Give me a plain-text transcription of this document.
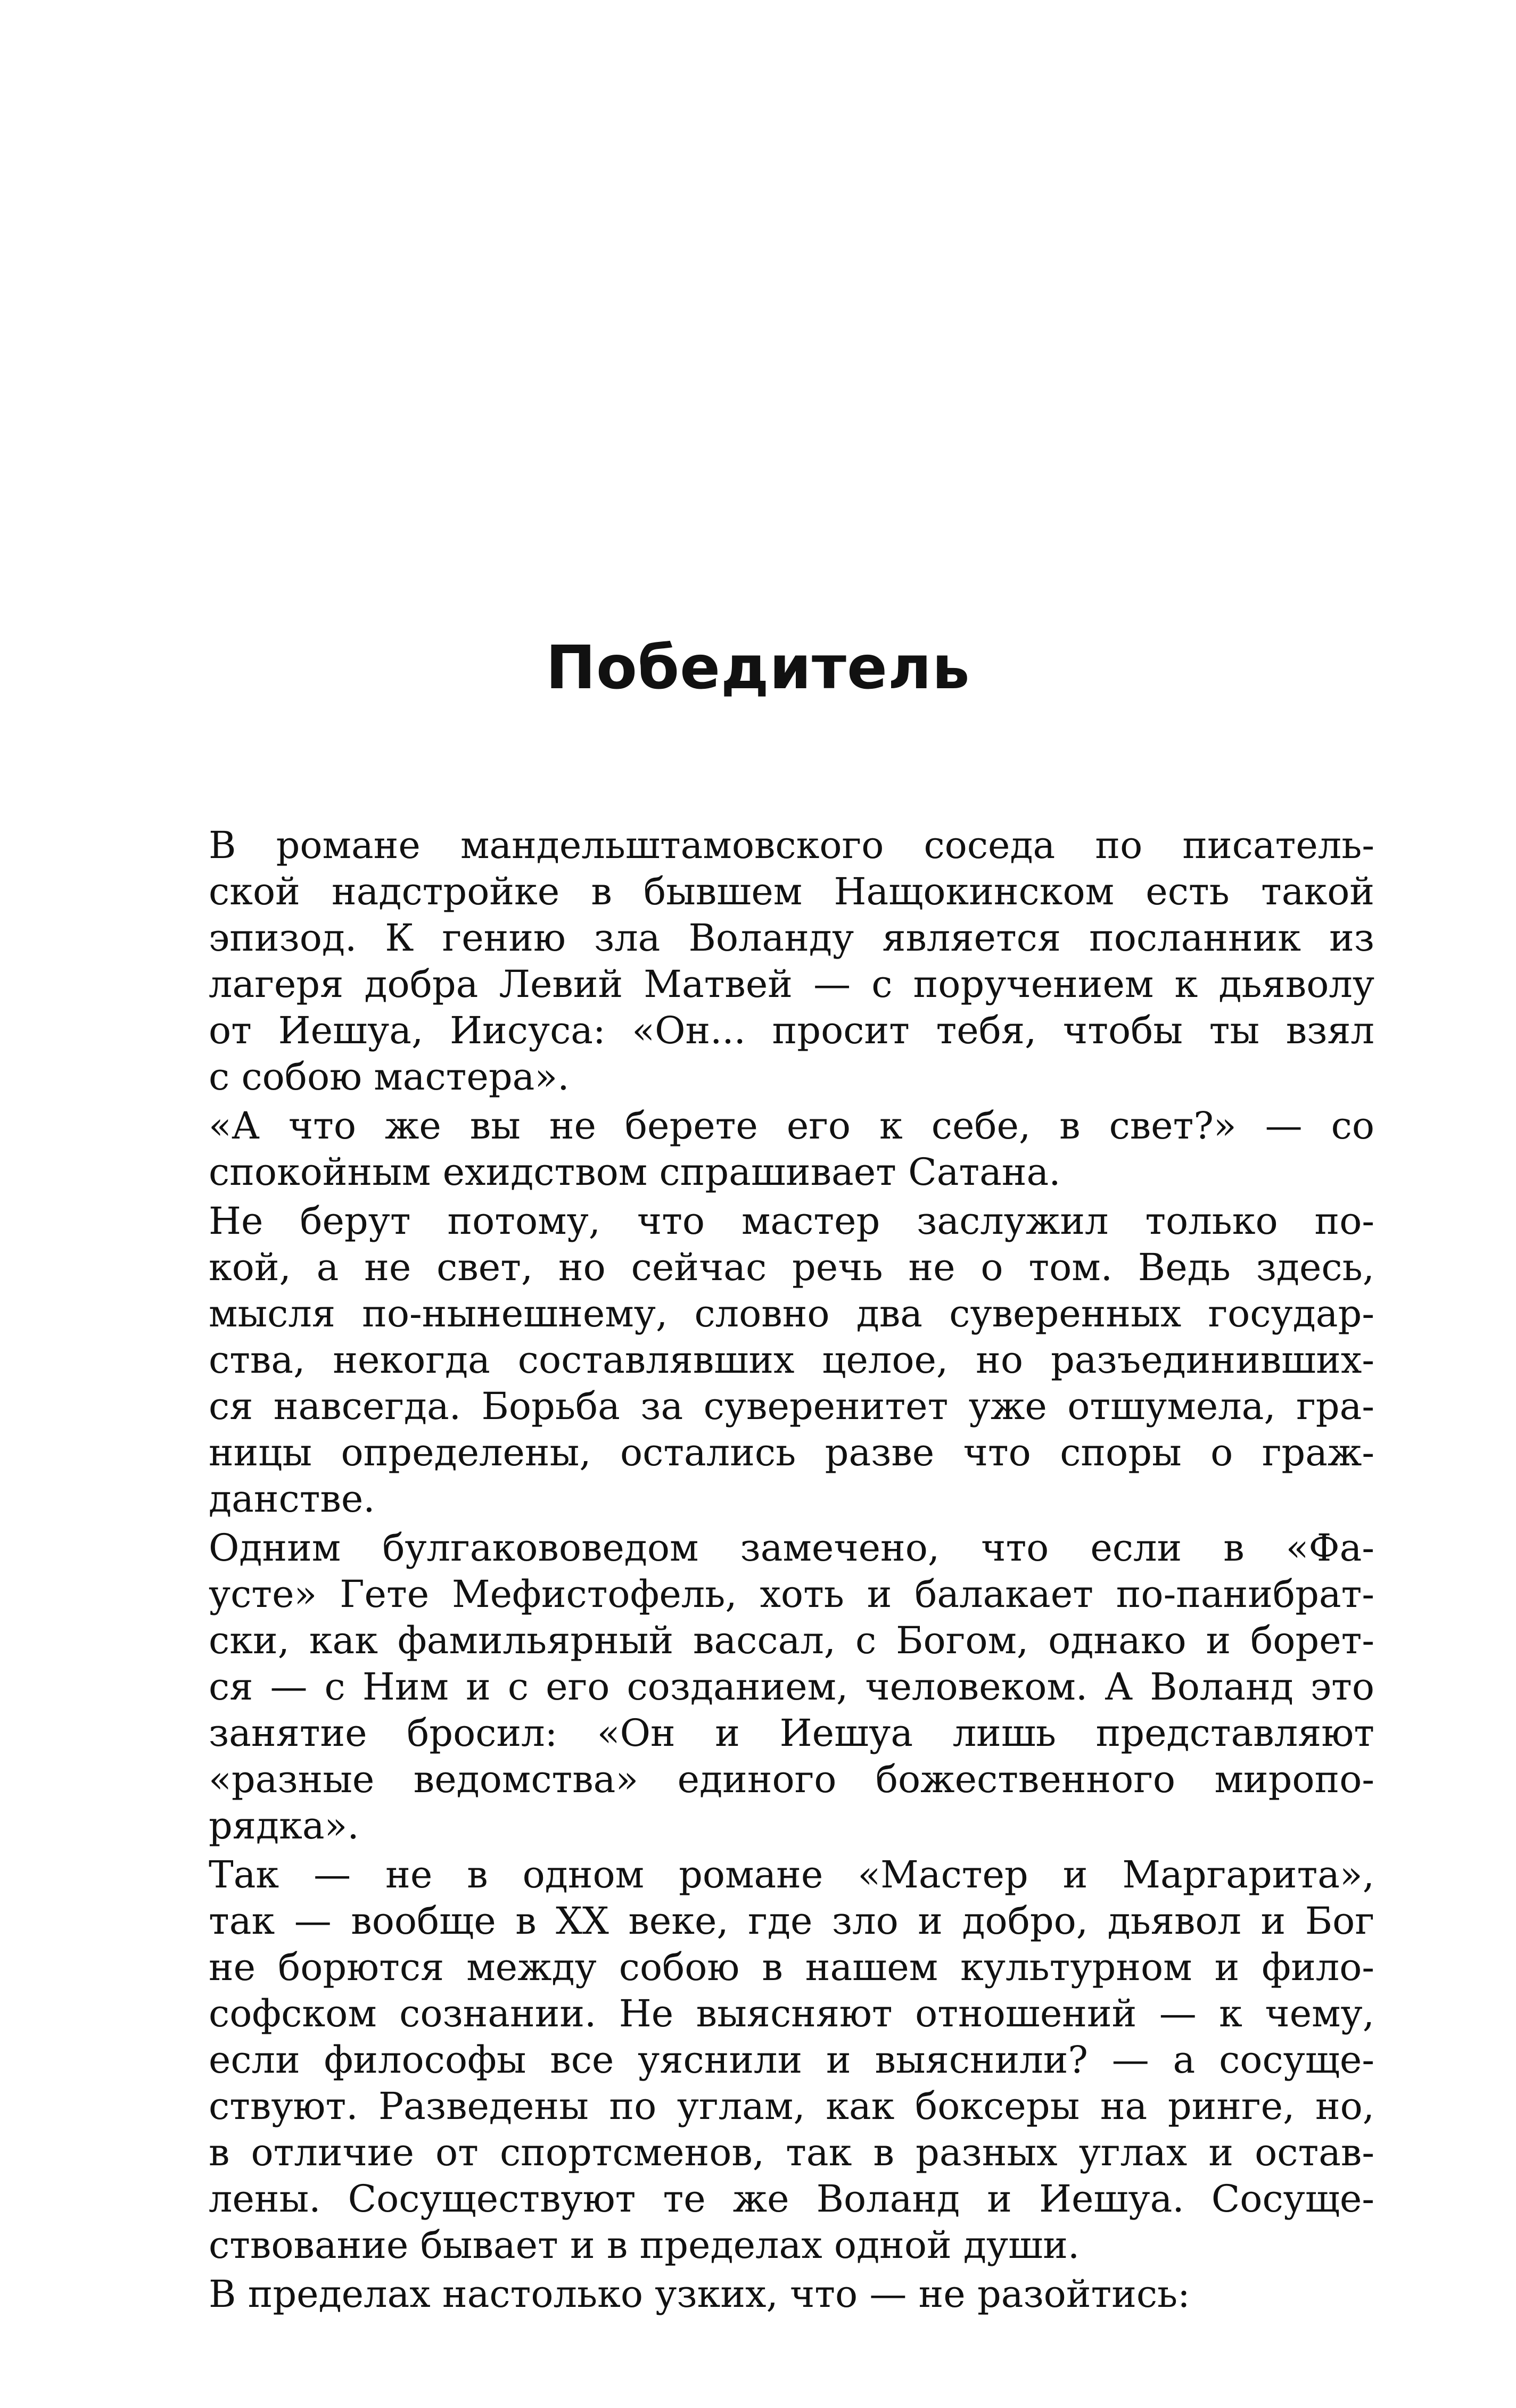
Победитель

В романе мандельштамовского соседа по писатель-
ской надстройке в бывшем Нащокинском есть такой
эпизод. К гению зла Воланду является посланник из
лагеря добра Левий Матвей — с поручением к дьяволу
от Иешуа, Иисуса: «Он... просит тебя, чтобы ты взял
с собою мастера».

«А что же вы не берете его к себе, в свет?» — со
спокойным ехидством спрашивает Сатана.

Не берут потому, что мастер заслужил только по-
кой, а не свет, но сейчас речь не о том. Ведь здесь,
мысля по-нынешнему, словно два суверенных государ-
ства, некогда составлявших целое, но разъединивших-
ся навсегда. Борьба за суверенитет уже отшумела, гра-
ницы определены, остались разве что споры о граж-
данстве.

Одним булгакововедом замечено, что если в «Фа-
усте» Гете Мефистофель, хоть и балакает по-панибрат-
ски, как фамильярный вассал, с Богом, однако и борет-
ся — с Ним и с его созданием, человеком. А Воланд это
занятие бросил: «Он и Иешуа лишь представляют
«разные ведомства» единого божественного миропо-
рядка».

Так — не в одном романе «Мастер и Маргарита»,
так — вообще в XX веке, где зло и добро, дьявол и Бог
не борются между собою в нашем культурном и фило-
софском сознании. Не выясняют отношений — к чему,
если философы все уяснили и выяснили? — а сосуще-
ствуют. Разведены по углам, как боксеры на ринге, но,
в отличие от спортсменов, так в разных углах и остав-
лены. Сосуществуют те же Воланд и Иешуа. Сосуще-
ствование бывает и в пределах одной души.

В пределах настолько узких, что — не разойтись:
